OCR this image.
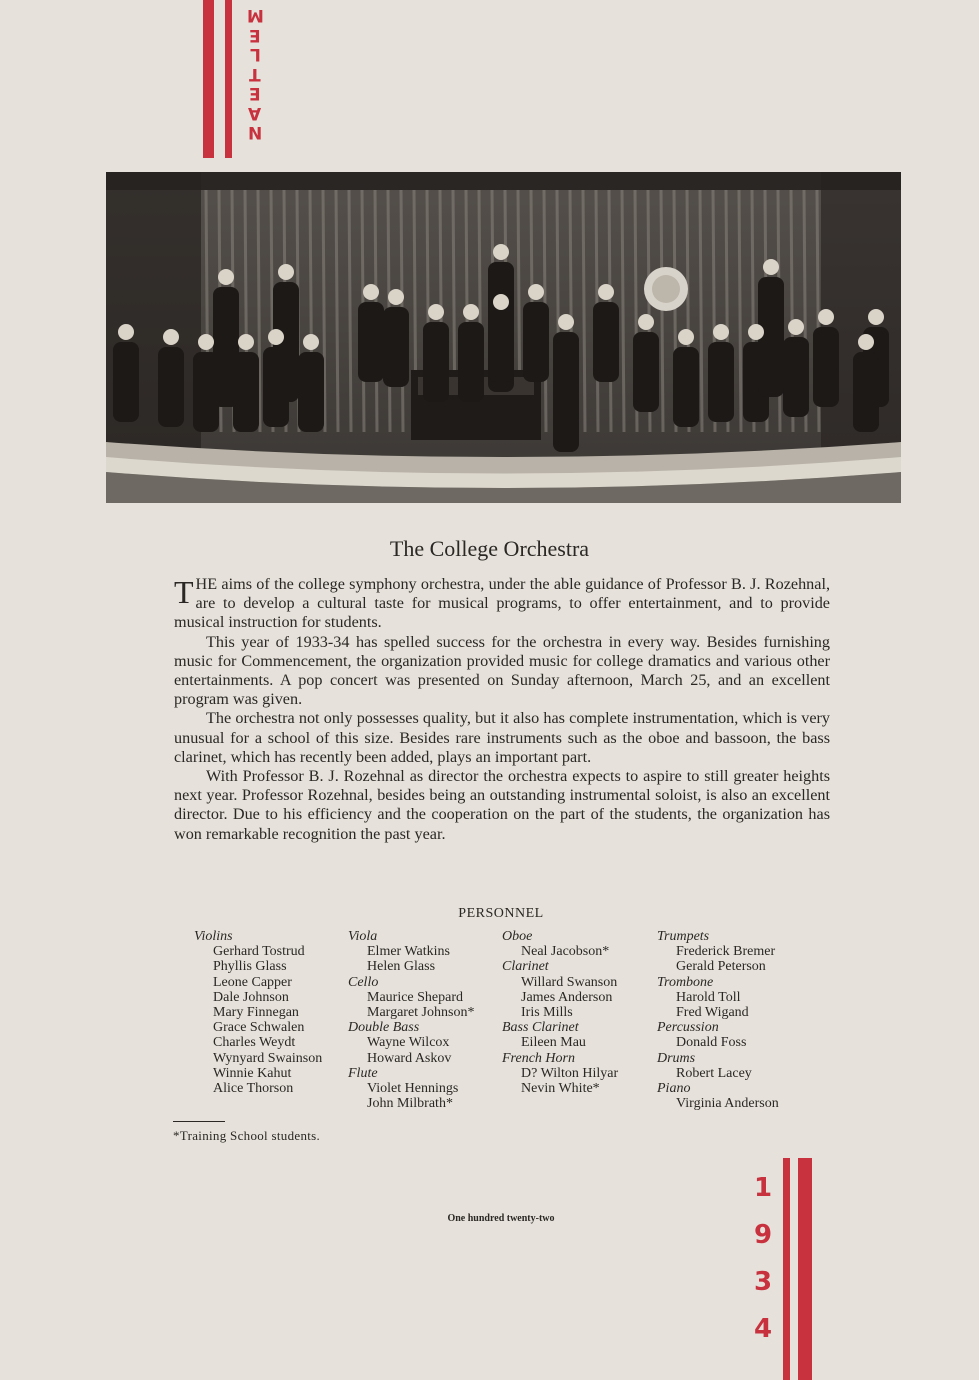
M
E
L
T
E
A
N
The College Orchestra

THE aims of the college symphony orchestra, under the able guidance of Professor B. J. Rozehnal, are to develop a cultural taste for musical programs, to offer entertainment, and to provide musical instruction for students.

This year of 1933-34 has spelled success for the orchestra in every way. Besides furnishing music for Commencement, the organization provided music for college dramatics and various other entertainments. A pop concert was presented on Sunday afternoon, March 25, and an excellent program was given.

The orchestra not only possesses quality, but it also has complete instrumentation, which is very unusual for a school of this size. Besides rare instruments such as the oboe and bassoon, the bass clarinet, which has recently been added, plays an important part.

With Professor B. J. Rozehnal as director the orchestra expects to aspire to still greater heights next year. Professor Rozehnal, besides being an outstanding instrumental soloist, is also an excellent director. Due to his efficiency and the cooperation on the part of the students, the organization has won remarkable recognition the past year.

PERSONNEL
Violins
Gerhard Tostrud
Phyllis Glass
Leone Capper
Dale Johnson
Mary Finnegan
Grace Schwalen
Charles Weydt
Wynyard Swainson
Winnie Kahut
Alice Thorson
Viola
Elmer Watkins
Helen Glass
Cello
Maurice Shepard
Margaret Johnson*
Double Bass
Wayne Wilcox
Howard Askov
Flute
Violet Hennings
John Milbrath*
Oboe
Neal Jacobson*
Clarinet
Willard Swanson
James Anderson
Iris Mills
Bass Clarinet
Eileen Mau
French Horn
D? Wilton Hilyar
Nevin White*
Trumpets
Frederick Bremer
Gerald Peterson
Trombone
Harold Toll
Fred Wigand
Percussion
Donald Foss
Drums
Robert Lacey
Piano
Virginia Anderson
*Training School students.
One hundred twenty-two
1
9
3
4
